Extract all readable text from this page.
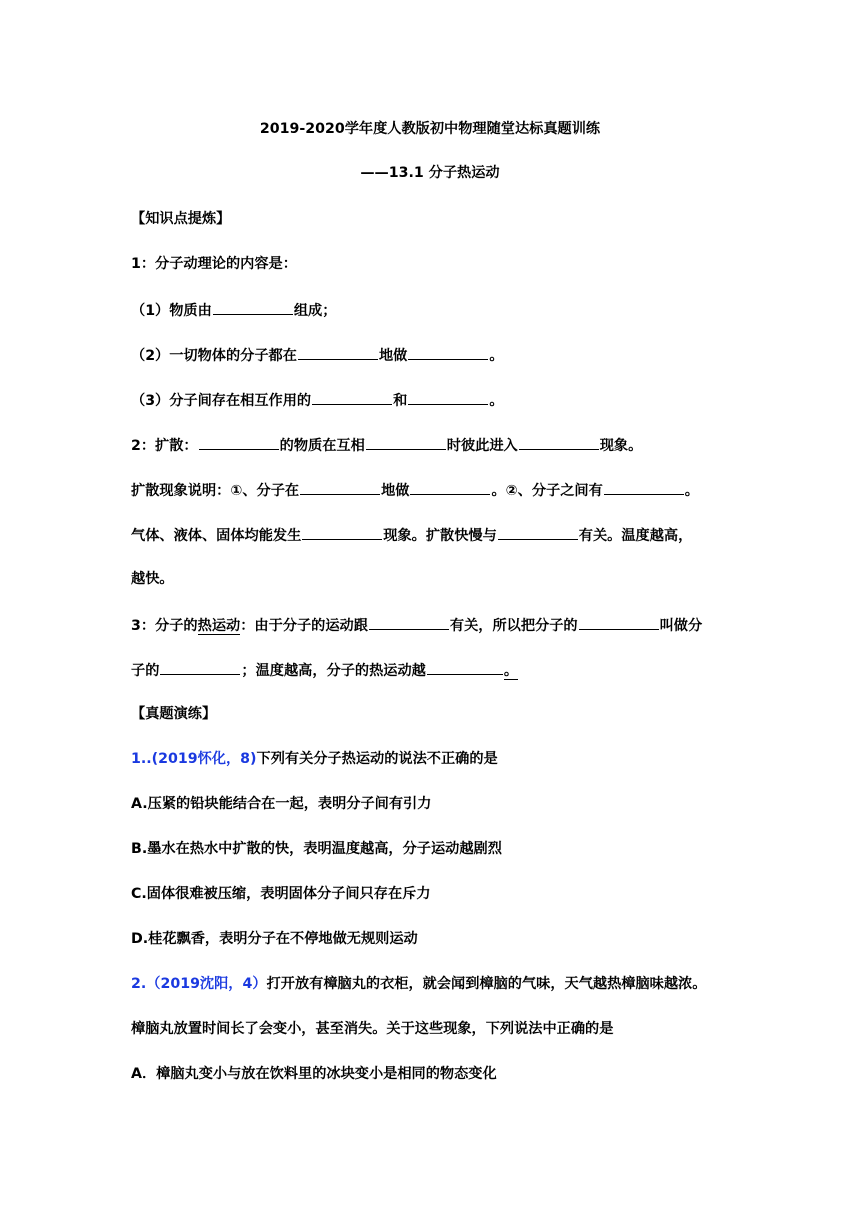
2019-2020学年度人教版初中物理随堂达标真题训练
——13.1 分子热运动
【知识点提炼】
1：分子动理论的内容是：
（1）物质由	组成；
（2）一切物体的分子都在	地做	。
（3）分子间存在相互作用的	和	。
2：扩散：	的物质在互相	时彼此进入	现象。
扩散现象说明：①、分子在	地做	。②、分子之间有	。
气体、液体、固体均能发生	现象。扩散快慢与	有关。温度越高，
越快。
3：分子的热运动：由于分子的运动跟	有关，所以把分子的	叫做分
子的	；温度越高，分子的热运动越	。
【真题演练】
1..(2019怀化，8)下列有关分子热运动的说法不正确的是
A.压紧的铅块能结合在一起，表明分子间有引力
B.墨水在热水中扩散的快，表明温度越高，分子运动越剧烈
C.固体很难被压缩，表明固体分子间只存在斥力
D.桂花飘香，表明分子在不停地做无规则运动
2.（2019沈阳，4）打开放有樟脑丸的衣柜，就会闻到樟脑的气味，天气越热樟脑味越浓。
樟脑丸放置时间长了会变小，甚至消失。关于这些现象，下列说法中正确的是
A．樟脑丸变小与放在饮料里的冰块变小是相同的物态变化
